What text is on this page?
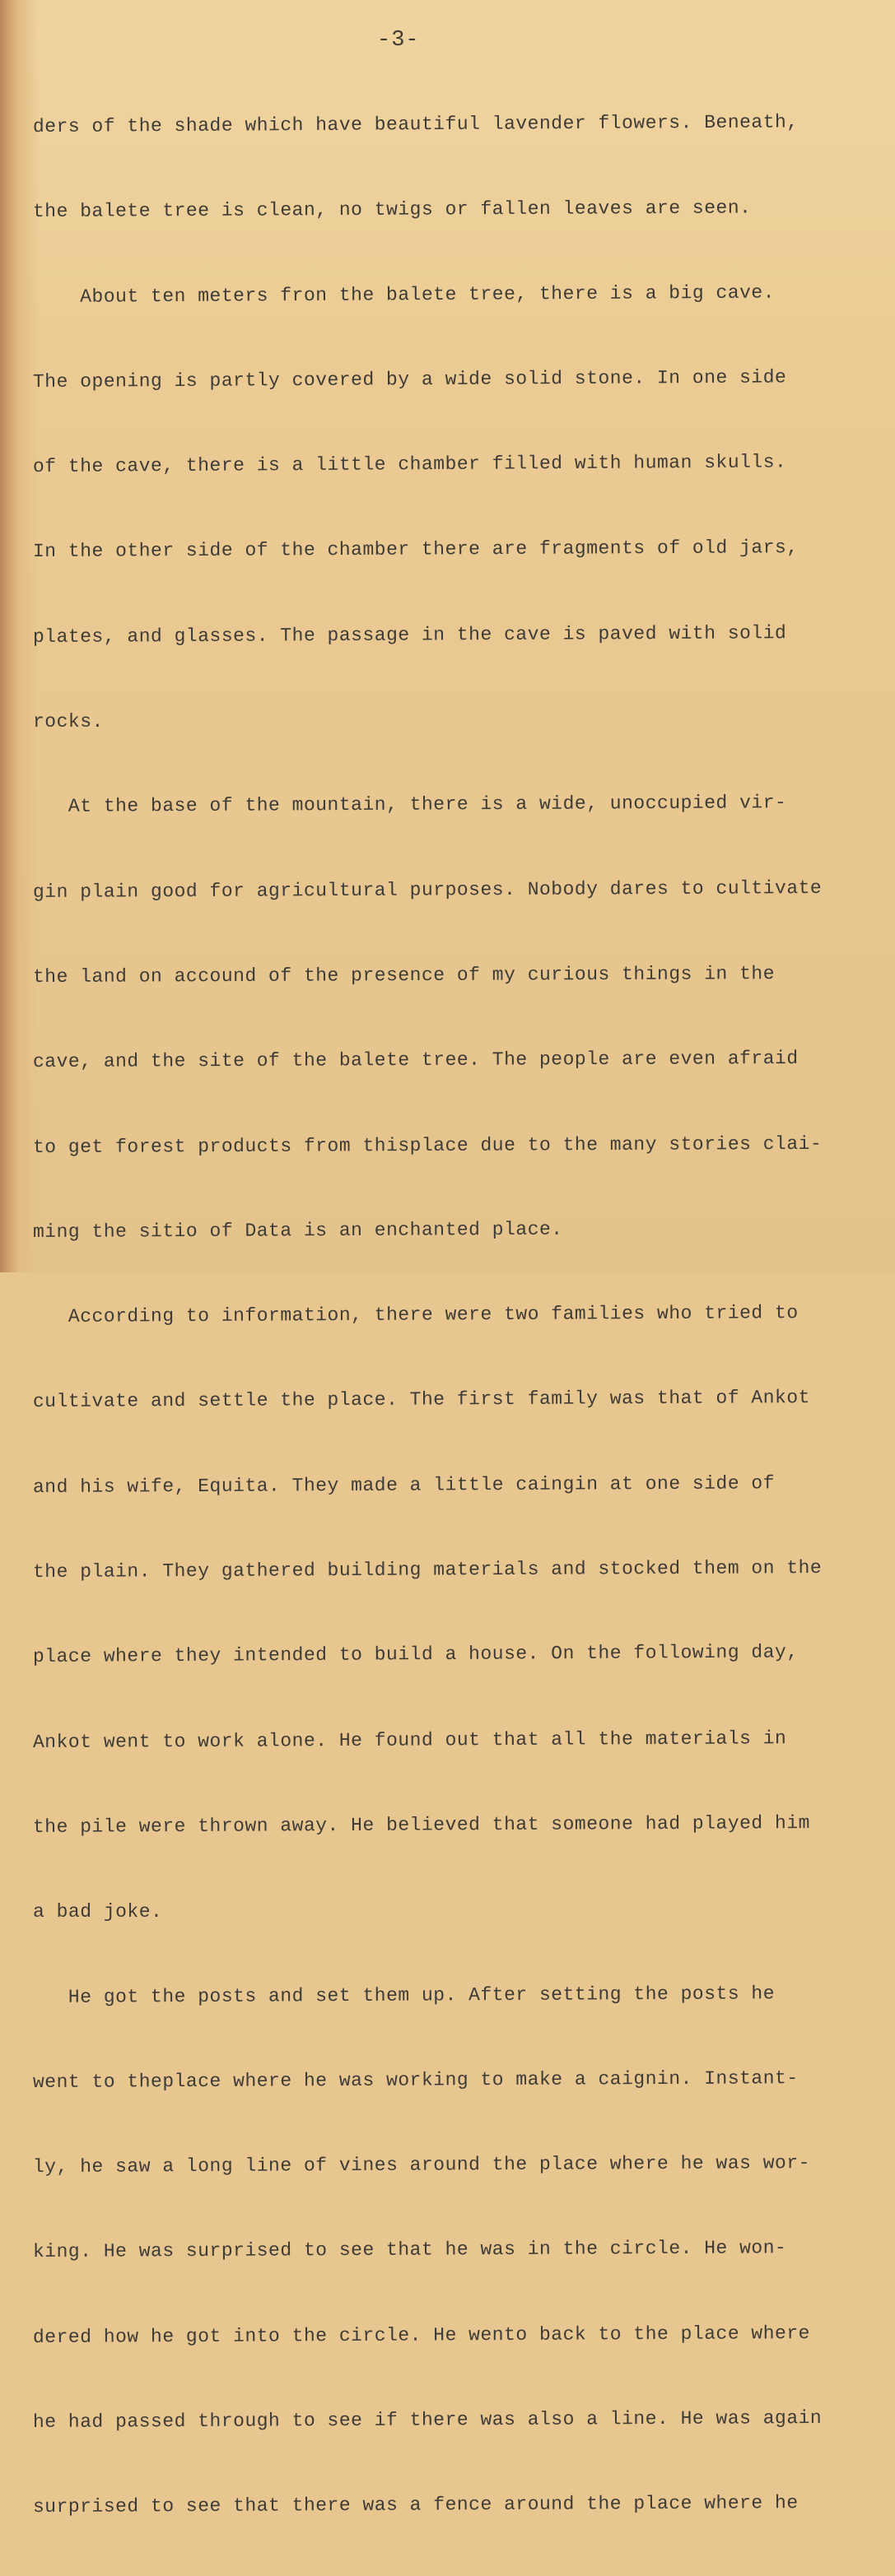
-3-

ders of the shade which have beautiful lavender flowers. Beneath,

the balete tree is clean, no twigs or fallen leaves are seen.

About ten meters fron the balete tree, there is a big cave.

The opening is partly covered by a wide solid stone. In one side

of the cave, there is a little chamber filled with human skulls.

In the other side of the chamber there are fragments of old jars,

plates, and glasses. The passage in the cave is paved with solid

rocks.

At the base of the mountain, there is a wide, unoccupied vir-

gin plain good for agricultural purposes. Nobody dares to cultivate

the land on accound of the presence of my curious things in the

cave, and the site of the balete tree. The people are even afraid

to get forest products from thisplace due to the many stories clai-

ming the sitio of Data is an enchanted place.

According to information, there were two families who tried to

cultivate and settle the place. The first family was that of Ankot

and his wife, Equita. They made a little caingin at one side of

the plain. They gathered building materials and stocked them on the

place where they intended to build a house. On the following day,

Ankot went to work alone. He found out that all the materials in

the pile were thrown away. He believed that someone had played him

a bad joke.

He got the posts and set them up. After setting the posts he

went to theplace where he was working to make a caignin. Instant-

ly, he saw a long line of vines around the place where he was wor-

king. He was surprised to see that he was in the circle. He won-

dered how he got into the circle. He wento back to the place where

he had passed through to see if there was also a line. He was again

surprised to see that there was a fence around the place where he
